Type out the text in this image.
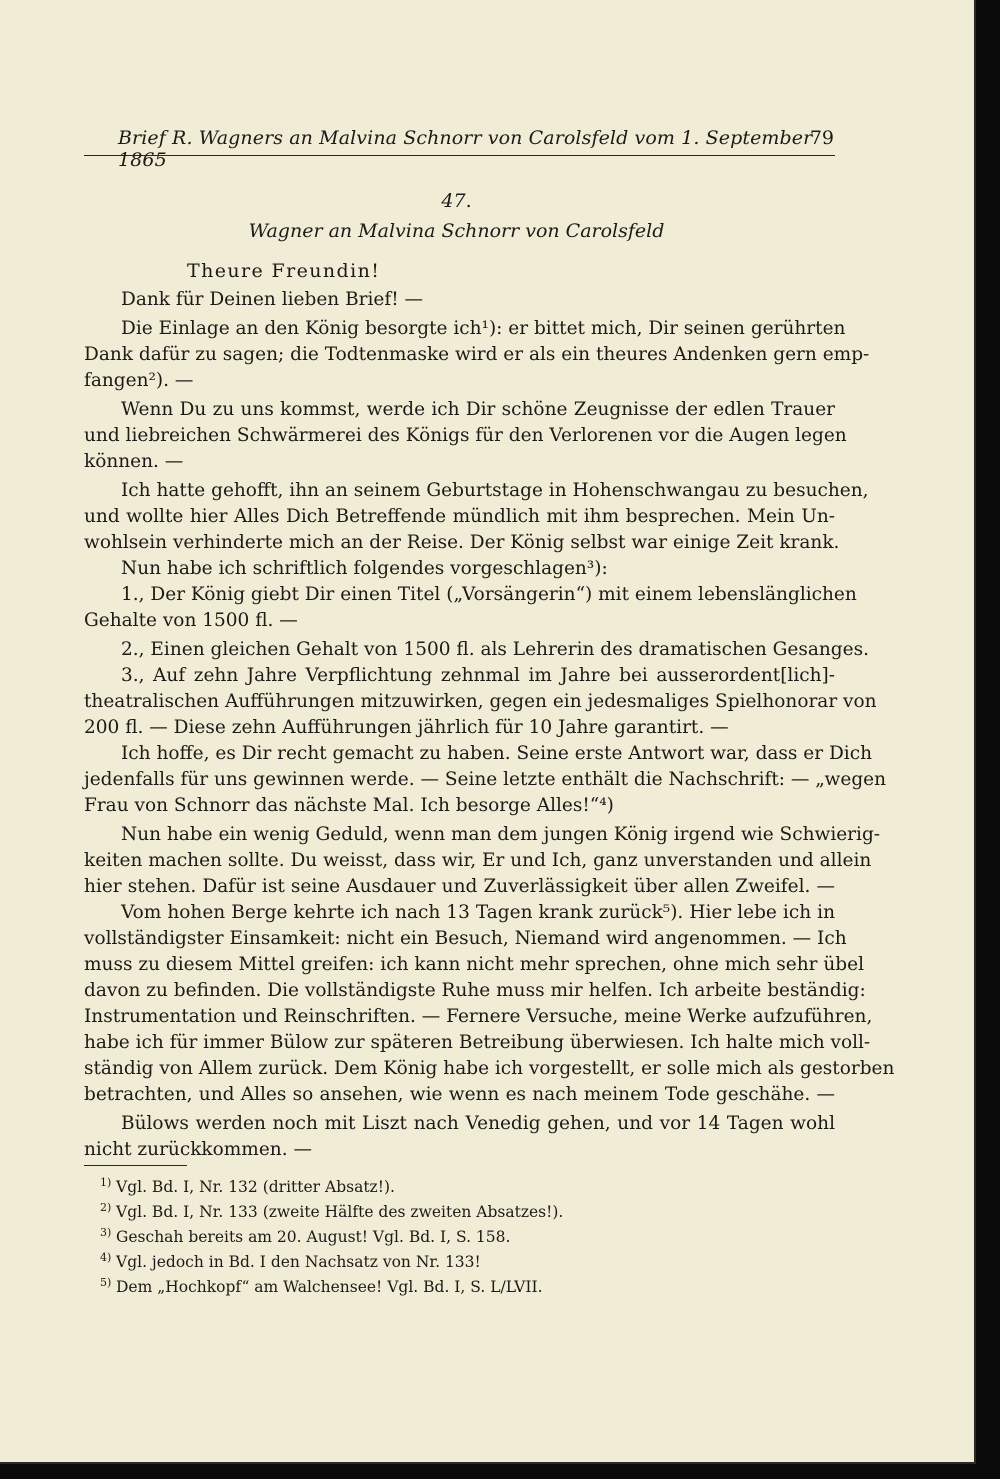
Brief R. Wagners an Malvina Schnorr von Carolsfeld vom 1. September 1865
79
47.
Wagner an Malvina Schnorr von Carolsfeld
Theure Freundin!
Dank für Deinen lieben Brief! —
Die Einlage an den König besorgte ich¹): er bittet mich, Dir seinen gerührten
Dank dafür zu sagen; die Todtenmaske wird er als ein theures Andenken gern emp-
fangen²). —
Wenn Du zu uns kommst, werde ich Dir schöne Zeugnisse der edlen Trauer
und liebreichen Schwärmerei des Königs für den Verlorenen vor die Augen legen
können. —
Ich hatte gehofft, ihn an seinem Geburtstage in Hohenschwangau zu besuchen,
und wollte hier Alles Dich Betreffende mündlich mit ihm besprechen. Mein Un-
wohlsein verhinderte mich an der Reise. Der König selbst war einige Zeit krank.
Nun habe ich schriftlich folgendes vorgeschlagen³):
1., Der König giebt Dir einen Titel („Vorsängerin“) mit einem lebenslänglichen
Gehalte von 1500 fl. —
2., Einen gleichen Gehalt von 1500 fl. als Lehrerin des dramatischen Gesanges.
3., Auf zehn Jahre Verpflichtung zehnmal im Jahre bei ausserordent[lich]-
theatralischen Aufführungen mitzuwirken, gegen ein jedesmaliges Spielhonorar von
200 fl. — Diese zehn Aufführungen jährlich für 10 Jahre garantirt. —
Ich hoffe, es Dir recht gemacht zu haben. Seine erste Antwort war, dass er Dich
jedenfalls für uns gewinnen werde. — Seine letzte enthält die Nachschrift: — „wegen
Frau von Schnorr das nächste Mal. Ich besorge Alles!“⁴)
Nun habe ein wenig Geduld, wenn man dem jungen König irgend wie Schwierig-
keiten machen sollte. Du weisst, dass wir, Er und Ich, ganz unverstanden und allein
hier stehen. Dafür ist seine Ausdauer und Zuverlässigkeit über allen Zweifel. —
Vom hohen Berge kehrte ich nach 13 Tagen krank zurück⁵). Hier lebe ich in
vollständigster Einsamkeit: nicht ein Besuch, Niemand wird angenommen. — Ich
muss zu diesem Mittel greifen: ich kann nicht mehr sprechen, ohne mich sehr übel
davon zu befinden. Die vollständigste Ruhe muss mir helfen. Ich arbeite beständig:
Instrumentation und Reinschriften. — Fernere Versuche, meine Werke aufzuführen,
habe ich für immer Bülow zur späteren Betreibung überwiesen. Ich halte mich voll-
ständig von Allem zurück. Dem König habe ich vorgestellt, er solle mich als gestorben
betrachten, und Alles so ansehen, wie wenn es nach meinem Tode geschähe. —
Bülows werden noch mit Liszt nach Venedig gehen, und vor 14 Tagen wohl
nicht zurückkommen. —
1) Vgl. Bd. I, Nr. 132 (dritter Absatz!).
2) Vgl. Bd. I, Nr. 133 (zweite Hälfte des zweiten Absatzes!).
3) Geschah bereits am 20. August! Vgl. Bd. I, S. 158.
4) Vgl. jedoch in Bd. I den Nachsatz von Nr. 133!
5) Dem „Hochkopf“ am Walchensee! Vgl. Bd. I, S. L/LVII.
